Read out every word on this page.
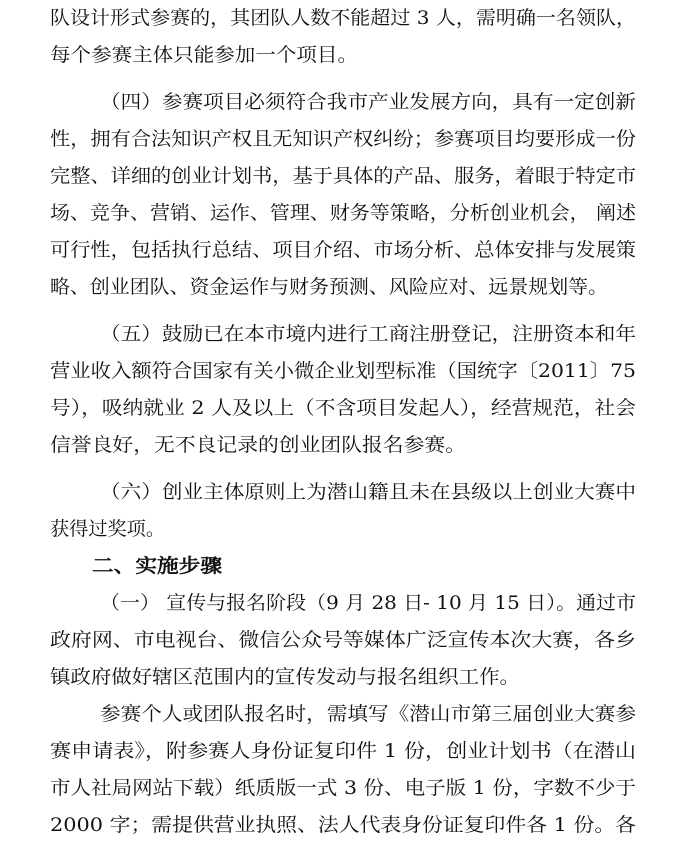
队设计形式参赛的，其团队人数不能超过 3 人，需明确一名领队，
每个参赛主体只能参加一个项目。
（四）参赛项目必须符合我市产业发展方向，具有一定创新
性，拥有合法知识产权且无知识产权纠纷；参赛项目均要形成一份
完整、详细的创业计划书，基于具体的产品、服务，着眼于特定市
场、竞争、营销、运作、管理、财务等策略，分析创业机会， 阐述
可行性，包括执行总结、项目介绍、市场分析、总体安排与发展策
略、创业团队、资金运作与财务预测、风险应对、远景规划等。
（五）鼓励已在本市境内进行工商注册登记，注册资本和年
营业收入额符合国家有关小微企业划型标准（国统字〔2011〕75
号），吸纳就业 2 人及以上（不含项目发起人），经营规范，社会
信誉良好，无不良记录的创业团队报名参赛。
（六）创业主体原则上为潜山籍且未在县级以上创业大赛中
获得过奖项。
二、实施步骤
（一） 宣传与报名阶段（9 月 28 日- 10 月 15 日）。通过市
政府网、市电视台、微信公众号等媒体广泛宣传本次大赛，各乡
镇政府做好辖区范围内的宣传发动与报名组织工作。
参赛个人或团队报名时，需填写《潜山市第三届创业大赛参
赛申请表》，附参赛人身份证复印件 1 份，创业计划书（在潜山
市人社局网站下载）纸质版一式 3 份、电子版 1 份，字数不少于
2000 字；需提供营业执照、法人代表身份证复印件各 1 份。各
